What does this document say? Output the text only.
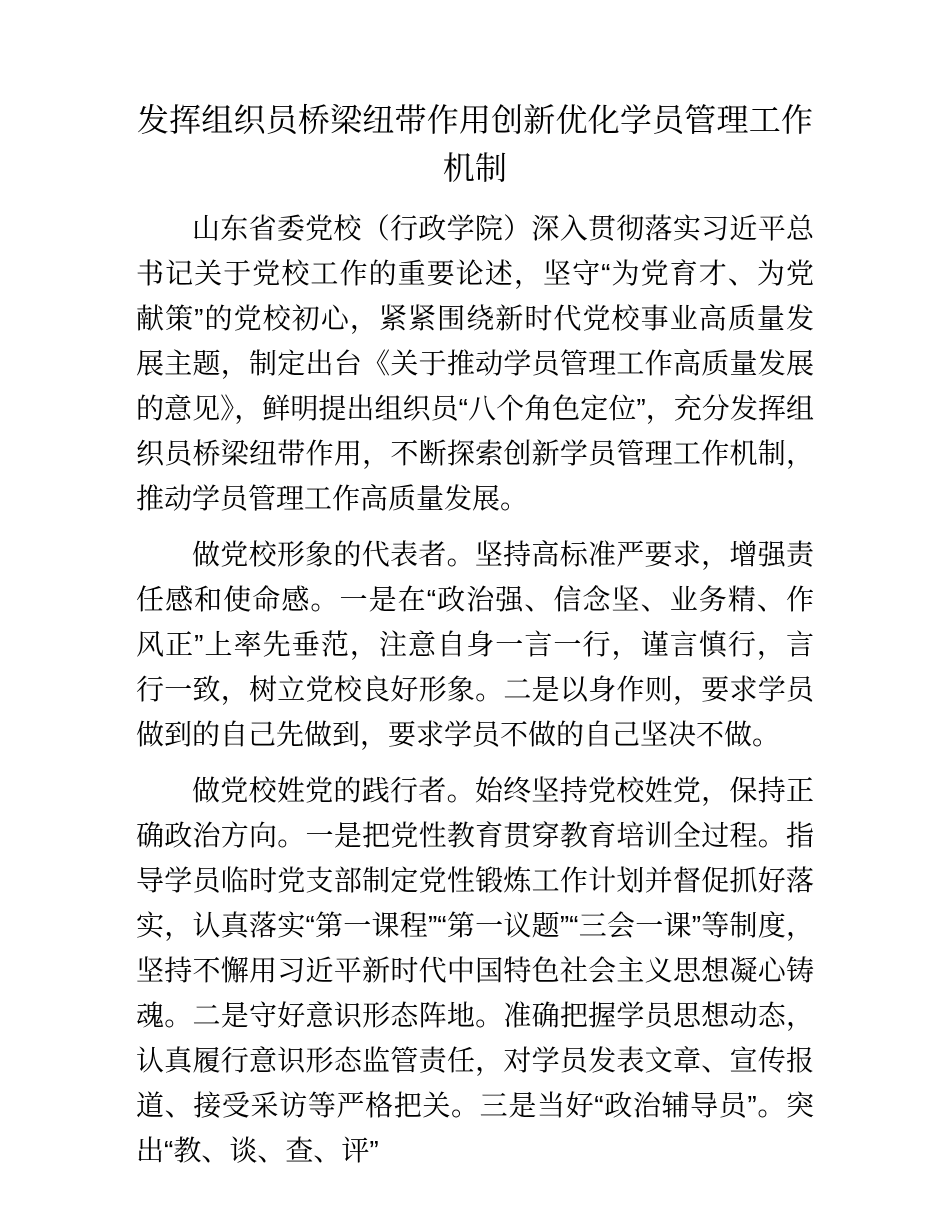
发挥组织员桥梁纽带作用创新优化学员管理工作机制

山东省委党校（行政学院）深入贯彻落实习近平总书记关于党校工作的重要论述，坚守“为党育才、为党献策”的党校初心，紧紧围绕新时代党校事业高质量发展主题，制定出台《关于推动学员管理工作高质量发展的意见》，鲜明提出组织员“八个角色定位”，充分发挥组织员桥梁纽带作用，不断探索创新学员管理工作机制，推动学员管理工作高质量发展。

做党校形象的代表者。坚持高标准严要求，增强责任感和使命感。一是在“政治强、信念坚、业务精、作风正”上率先垂范，注意自身一言一行，谨言慎行，言行一致，树立党校良好形象。二是以身作则，要求学员做到的自己先做到，要求学员不做的自己坚决不做。

做党校姓党的践行者。始终坚持党校姓党，保持正确政治方向。一是把党性教育贯穿教育培训全过程。指导学员临时党支部制定党性锻炼工作计划并督促抓好落实，认真落实“第一课程”“第一议题”“三会一课”等制度，坚持不懈用习近平新时代中国特色社会主义思想凝心铸魂。二是守好意识形态阵地。准确把握学员思想动态，认真履行意识形态监管责任，对学员发表文章、宣传报道、接受采访等严格把关。三是当好“政治辅导员”。突出“教、谈、查、评”
